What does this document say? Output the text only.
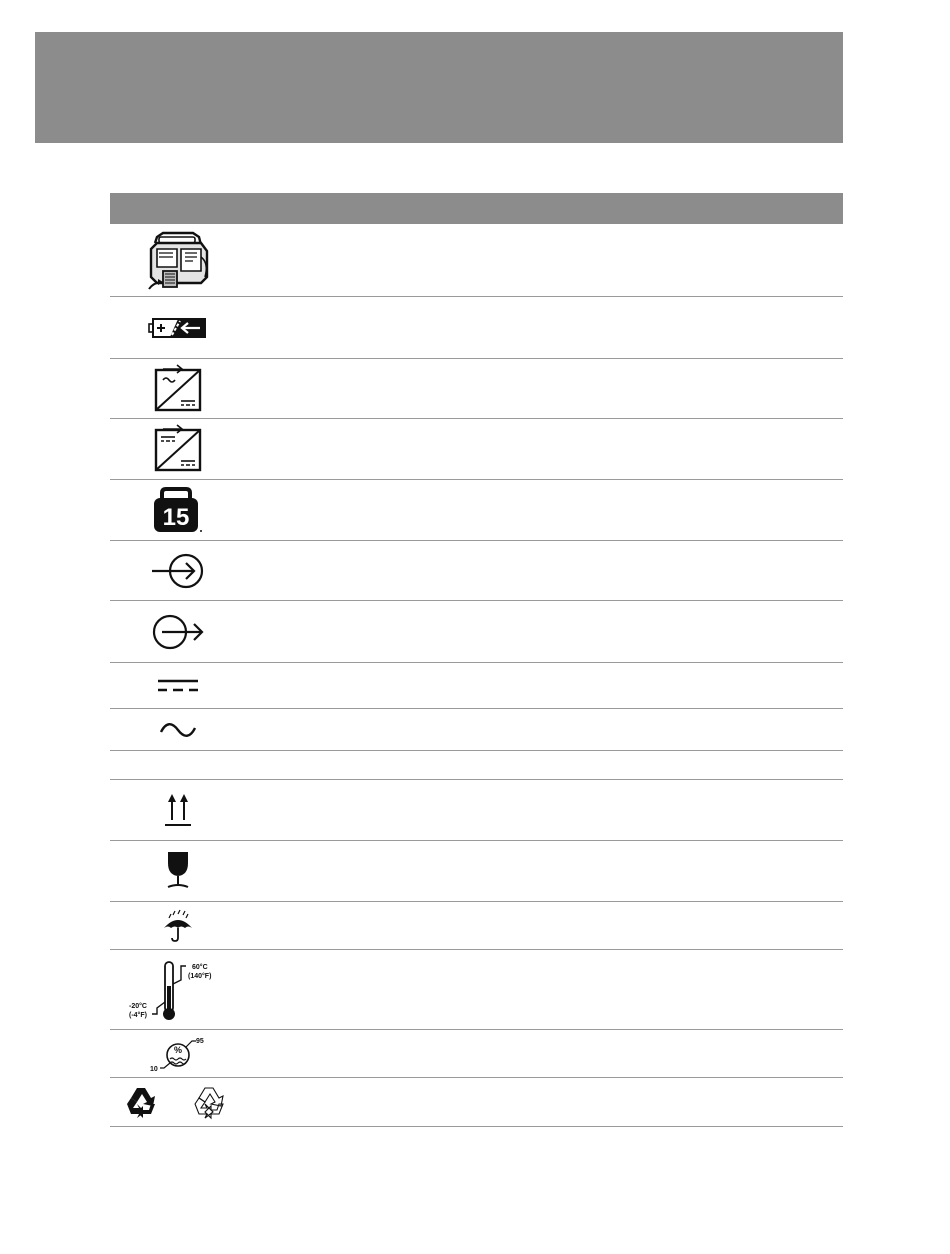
15
60°C
(140°F)
-20°C
(-4°F)
%
95
10
